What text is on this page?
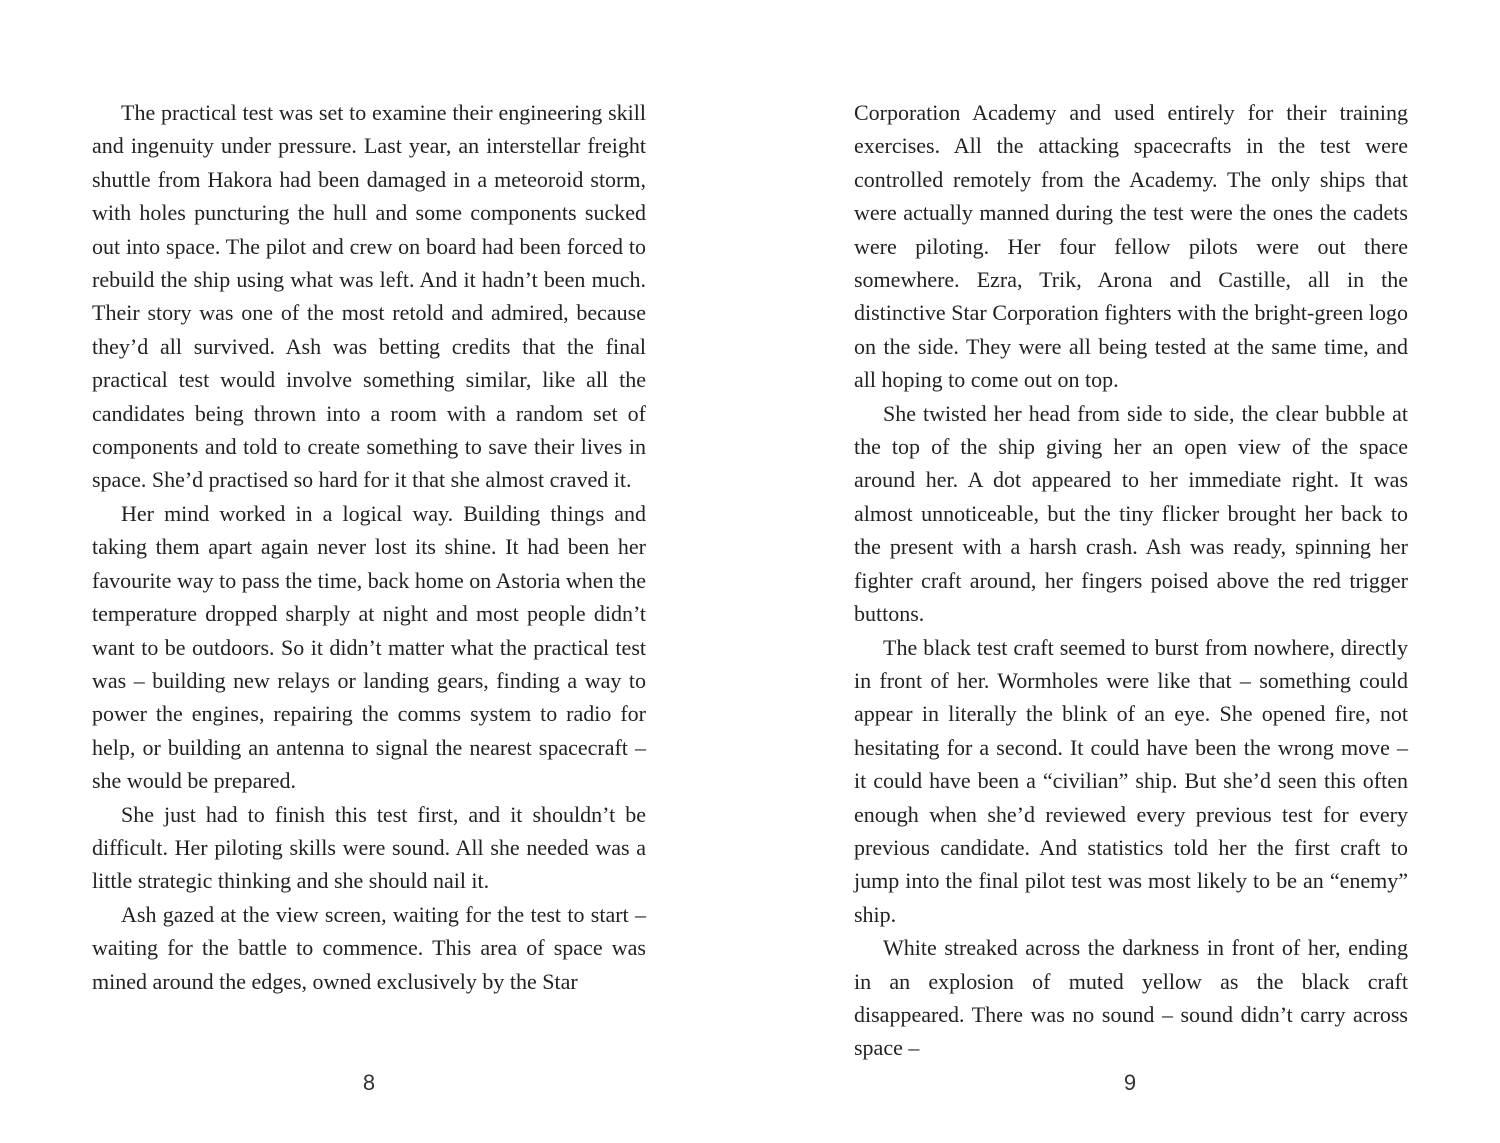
The practical test was set to examine their engineering skill and ingenuity under pressure. Last year, an interstellar freight shuttle from Hakora had been damaged in a meteoroid storm, with holes puncturing the hull and some components sucked out into space. The pilot and crew on board had been forced to rebuild the ship using what was left. And it hadn’t been much. Their story was one of the most retold and admired, because they’d all survived. Ash was betting credits that the final practical test would involve something similar, like all the candidates being thrown into a room with a random set of components and told to create something to save their lives in space. She’d practised so hard for it that she almost craved it.

Her mind worked in a logical way. Building things and taking them apart again never lost its shine. It had been her favourite way to pass the time, back home on Astoria when the temperature dropped sharply at night and most people didn’t want to be outdoors. So it didn’t matter what the practical test was – building new relays or landing gears, finding a way to power the engines, repairing the comms system to radio for help, or building an antenna to signal the nearest spacecraft – she would be prepared.

She just had to finish this test first, and it shouldn’t be difficult. Her piloting skills were sound. All she needed was a little strategic thinking and she should nail it.

Ash gazed at the view screen, waiting for the test to start – waiting for the battle to commence. This area of space was mined around the edges, owned exclusively by the Star

8

Corporation Academy and used entirely for their training exercises. All the attacking spacecrafts in the test were controlled remotely from the Academy. The only ships that were actually manned during the test were the ones the cadets were piloting. Her four fellow pilots were out there somewhere. Ezra, Trik, Arona and Castille, all in the distinctive Star Corporation fighters with the bright-green logo on the side. They were all being tested at the same time, and all hoping to come out on top.

She twisted her head from side to side, the clear bubble at the top of the ship giving her an open view of the space around her. A dot appeared to her immediate right. It was almost unnoticeable, but the tiny flicker brought her back to the present with a harsh crash. Ash was ready, spinning her fighter craft around, her fingers poised above the red trigger buttons.

The black test craft seemed to burst from nowhere, directly in front of her. Wormholes were like that – something could appear in literally the blink of an eye. She opened fire, not hesitating for a second. It could have been the wrong move – it could have been a “civilian” ship. But she’d seen this often enough when she’d reviewed every previous test for every previous candidate. And statistics told her the first craft to jump into the final pilot test was most likely to be an “enemy” ship.

White streaked across the darkness in front of her, ending in an explosion of muted yellow as the black craft disappeared. There was no sound – sound didn’t carry across space –

9
